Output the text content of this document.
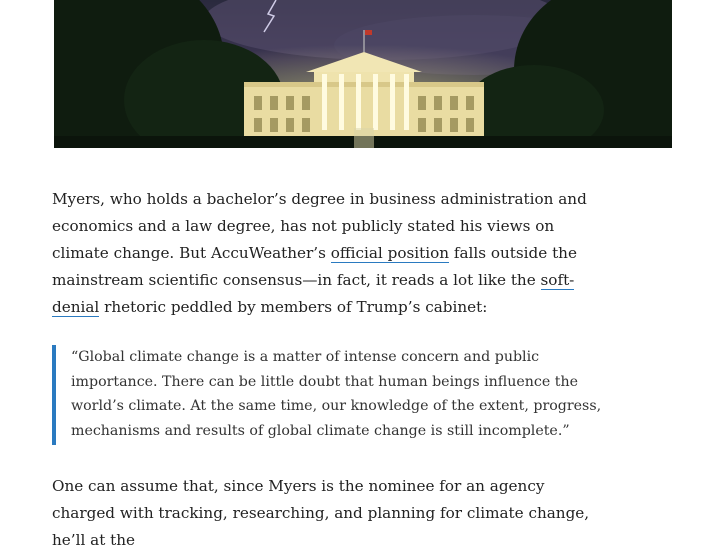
Myers, who holds a bachelor’s degree in business administration and economics and a law degree, has not publicly stated his views on climate change. But AccuWeather’s official position falls outside the mainstream scientific consensus—in fact, it reads a lot like the soft-denial rhetoric peddled by members of Trump’s cabinet:

“Global climate change is a matter of intense concern and public importance. There can be little doubt that human beings influence the world’s climate. At the same time, our knowledge of the extent, progress, mechanisms and results of global climate change is still incomplete.”

One can assume that, since Myers is the nominee for an agency charged with tracking, researching, and planning for climate change, he’ll at the
